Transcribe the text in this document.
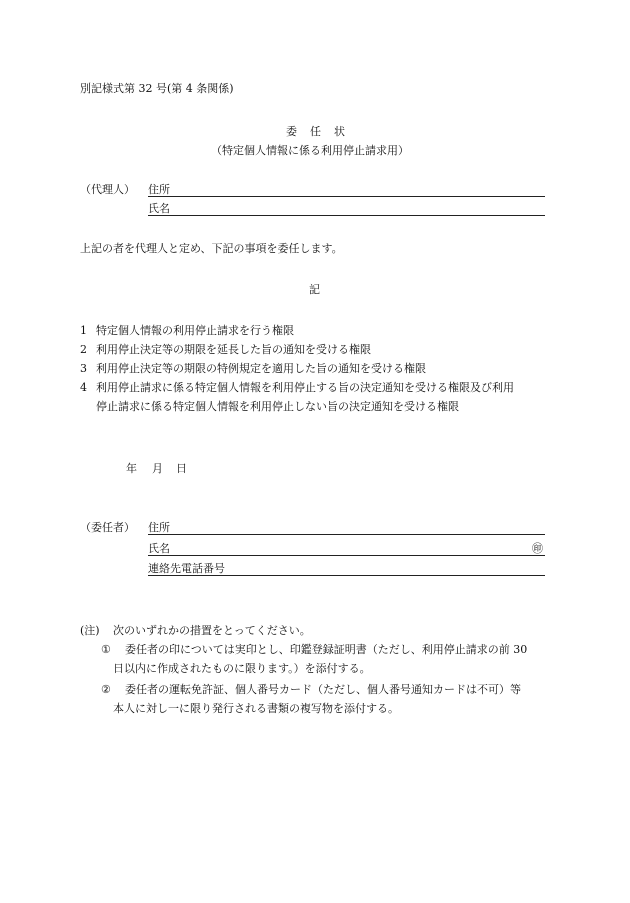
別記様式第 32 号(第 4 条関係)
委　任　状
（特定個人情報に係る利用停止請求用）
（代理人） 住所
氏名
上記の者を代理人と定め、下記の事項を委任します。
記
1 特定個人情報の利用停止請求を行う権限
2 利用停止決定等の期限を延長した旨の通知を受ける権限
3 利用停止決定等の期限の特例規定を適用した旨の通知を受ける権限
4 利用停止請求に係る特定個人情報を利用停止する旨の決定通知を受ける権限及び利用
停止請求に係る特定個人情報を利用停止しない旨の決定通知を受ける権限
年 月 日
（委任者） 住所
氏名	㊞
連絡先電話番号
(注) 次のいずれかの措置をとってください。
① 委任者の印については実印とし、印鑑登録証明書（ただし、利用停止請求の前 30
日以内に作成されたものに限ります。）を添付する。
② 委任者の運転免許証、個人番号カード（ただし、個人番号通知カードは不可）等
本人に対し一に限り発行される書類の複写物を添付する。
